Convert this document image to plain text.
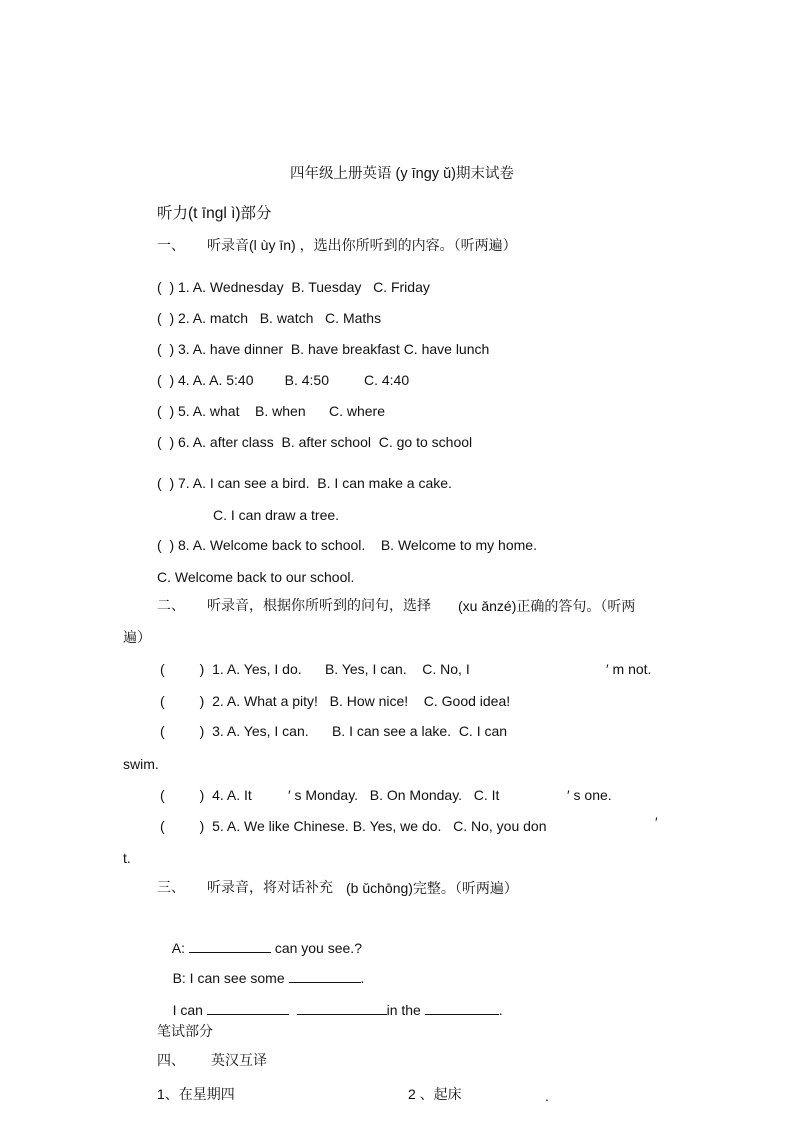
四年级上册英语 (y īngy ǔ)期末试卷
听力(t īngl ì)部分
一、 听录音(l ùy īn) ，选出你所听到的内容。（听两遍）
(  ) 1. A. Wednesday  B. Tuesday   C. Friday
(  ) 2. A. match   B. watch   C. Maths
(  ) 3. A. have dinner  B. have breakfast C. have lunch
(  ) 4. A. A. 5:40        B. 4:50         C. 4:40
(  ) 5. A. what    B. when      C. where
(  ) 6. A. after class  B. after school  C. go to school
(  ) 7. A. I can see a bird.  B. I can make a cake.
C. I can draw a tree.
(  ) 8. A. Welcome back to school.    B. Welcome to my home.
C. Welcome back to our school.
二、 听录音，根据你所听到的问句，选择 (xu ǎnzé)正确的答句。（听两
遍）
(         )  1. A. Yes, I do.      B. Yes, I can.    C. No, I	′ m not.
(         )  2. A. What a pity!   B. How nice!    C. Good idea!
(         )  3. A. Yes, I can.      B. I can see a lake.  C. I can
swim.
(         )  4. A. It	′ s Monday.   B. On Monday.   C. It	′ s one.
(         )  5. A. We like Chinese. B. Yes, we do.   C. No, you don	′
t.
三、 听录音，将对话补充 (b ǔchōng)完整。（听两遍）

A:	can you see.?

B: I can see some	.

I can	in the	.

笔试部分
四、 英汉互译
1、在星期四	2 、起床	.
